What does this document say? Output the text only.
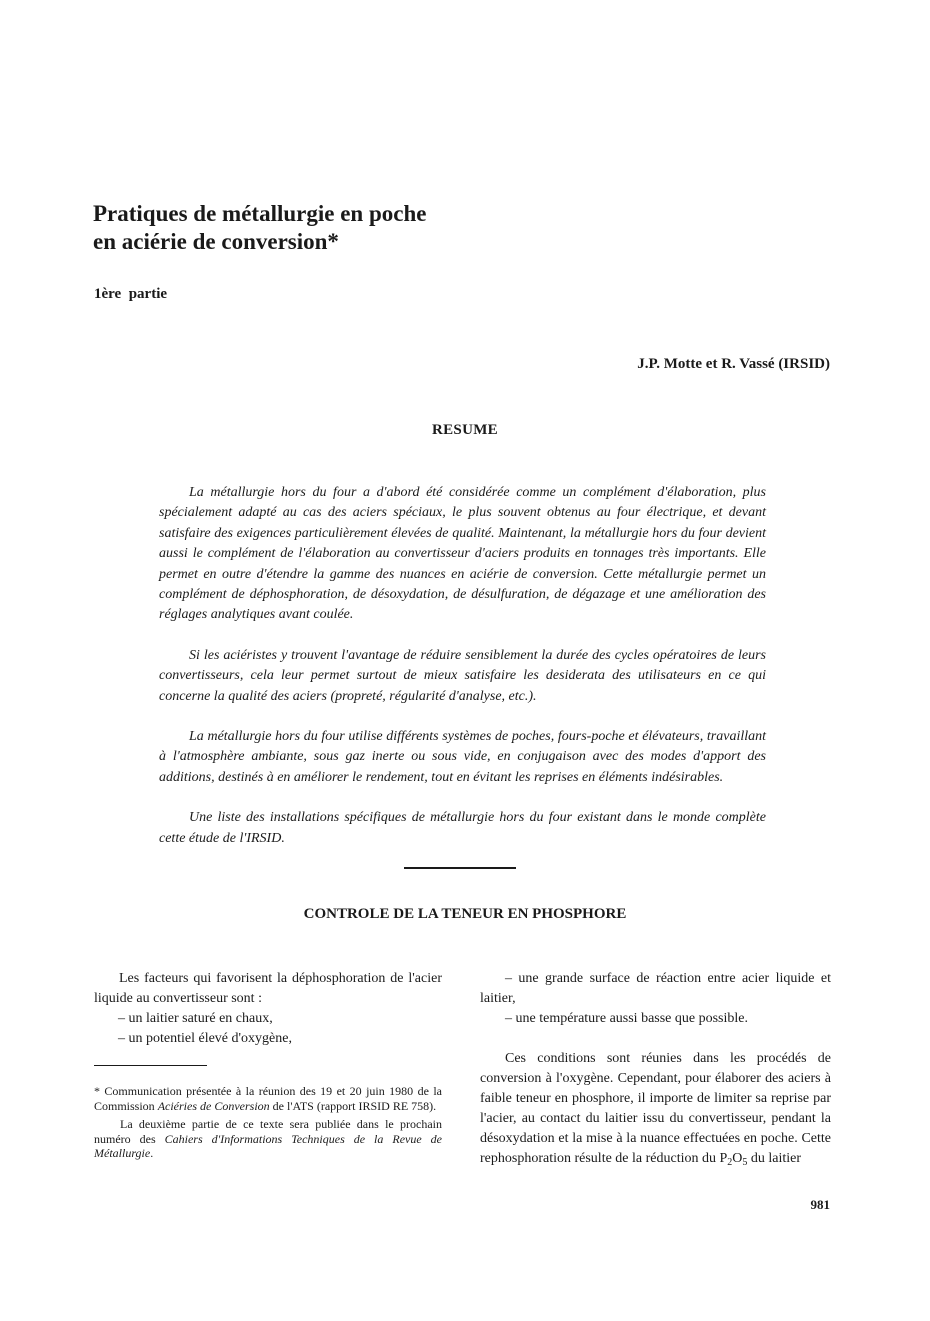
Pratiques de métallurgie en poche
en aciérie de conversion*
1ère  partie
J.P. Motte et R. Vassé (IRSID)
RESUME

La métallurgie hors du four a d'abord été considérée comme un complément d'élaboration, plus spécialement adapté au cas des aciers spéciaux, le plus souvent obtenus au four électrique, et devant satisfaire des exigences particulièrement élevées de qualité. Maintenant, la métallurgie hors du four devient aussi le complément de l'élaboration au convertisseur d'aciers produits en tonnages très importants. Elle permet en outre d'étendre la gamme des nuances en aciérie de conversion. Cette métallurgie permet un complément de déphosphoration, de désoxydation, de désulfuration, de dégazage et une amélioration des réglages analytiques avant coulée.

Si les aciéristes y trouvent l'avantage de réduire sensiblement la durée des cycles opératoires de leurs convertisseurs, cela leur permet surtout de mieux satisfaire les desiderata des utilisateurs en ce qui concerne la qualité des aciers (propreté, régularité d'analyse, etc.).

La métallurgie hors du four utilise différents systèmes de poches, fours-poche et élévateurs, travaillant à l'atmosphère ambiante, sous gaz inerte ou sous vide, en conjugaison avec des modes d'apport des additions, destinés à en améliorer le rendement, tout en évitant les reprises en éléments indésirables.

Une liste des installations spécifiques de métallurgie hors du four existant dans le monde complète cette étude de l'IRSID.

CONTROLE DE LA TENEUR EN PHOSPHORE

Les facteurs qui favorisent la déphosphoration de l'acier liquide au convertisseur sont :

– un laitier saturé en chaux,

– un potentiel élevé d'oxygène,

* Communication présentée à la réunion des 19 et 20 juin 1980 de la Commission Aciéries de Conversion de l'ATS (rapport IRSID RE 758).

La deuxième partie de ce texte sera publiée dans le prochain numéro des Cahiers d'Informations Techniques de la Revue de Métallurgie.

– une grande surface de réaction entre acier liquide et laitier,

– une température aussi basse que possible.

Ces conditions sont réunies dans les procédés de conversion à l'oxygène. Cependant, pour élaborer des aciers à faible teneur en phosphore, il importe de limiter sa reprise par l'acier, au contact du laitier issu du convertisseur, pendant la désoxydation et la mise à la nuance effectuées en poche. Cette rephosphoration résulte de la réduction du $P_2O_5$ du laitier

981
